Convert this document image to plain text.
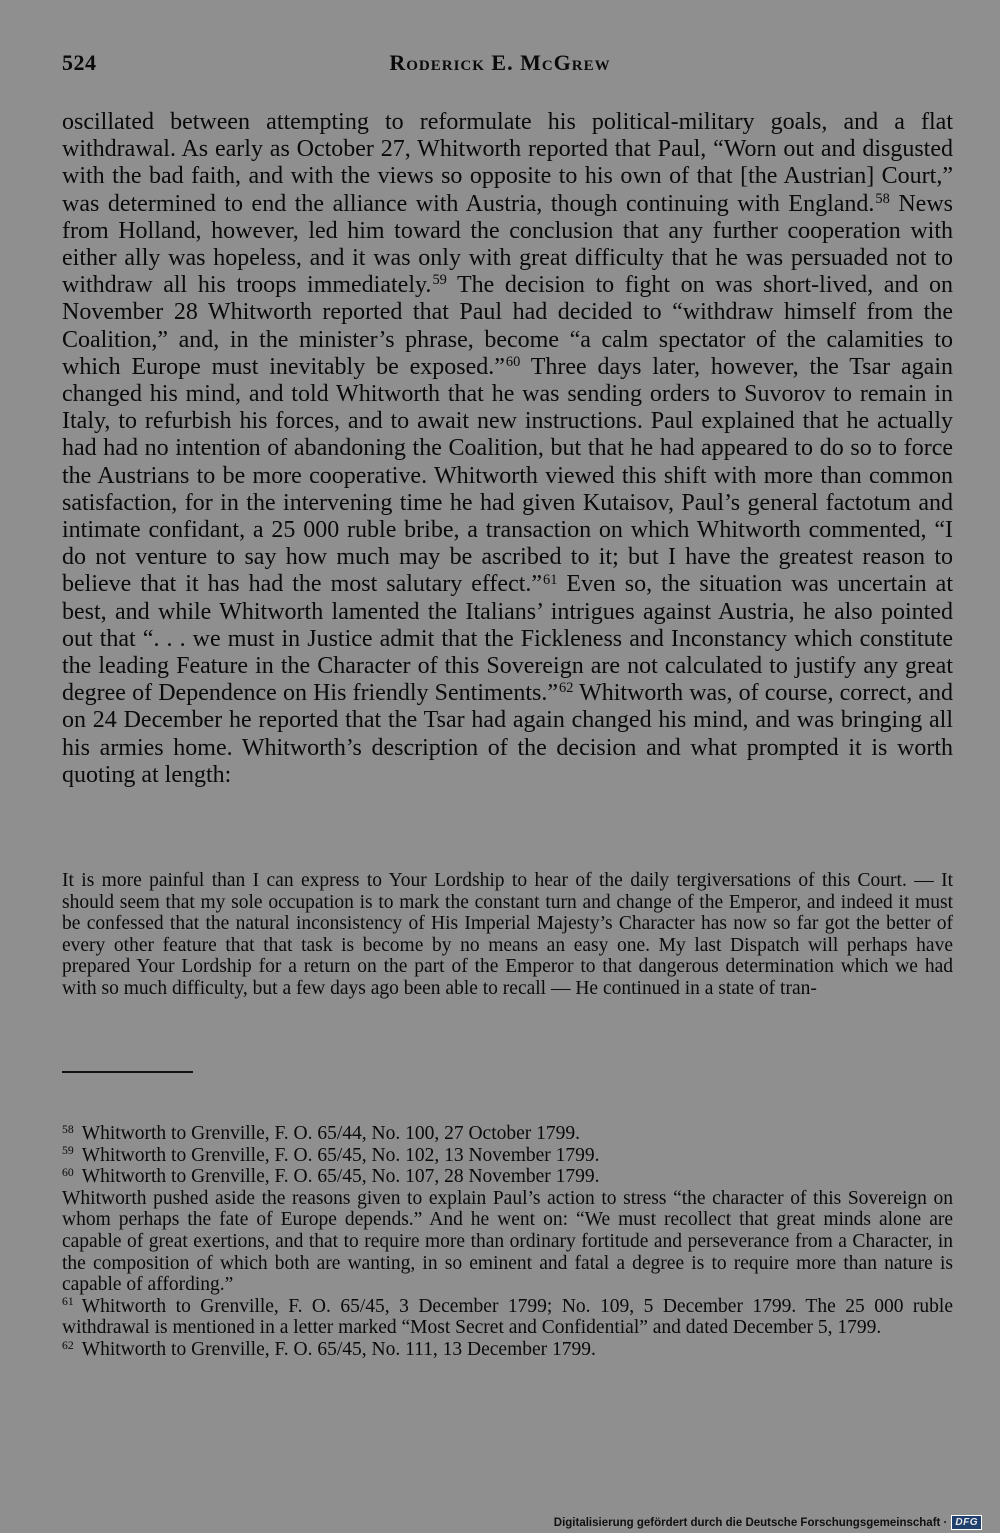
524	Roderick E. McGrew

oscillated between attempting to reformulate his political-military goals, and a flat withdrawal. As early as October 27, Whitworth reported that Paul, “Worn out and disgusted with the bad faith, and with the views so opposite to his own of that [the Austrian] Court,” was determined to end the alliance with Austria, though continuing with England.$^{58}$ News from Holland, however, led him toward the conclusion that any further cooperation with either ally was hopeless, and it was only with great difficulty that he was persuaded not to withdraw all his troops immediately.$^{59}$ The decision to fight on was short-lived, and on November 28 Whitworth reported that Paul had decided to “withdraw himself from the Coalition,” and, in the minister’s phrase, become “a calm spectator of the calamities to which Europe must inevitably be exposed.”$^{60}$ Three days later, however, the Tsar again changed his mind, and told Whitworth that he was sending orders to Suvorov to remain in Italy, to refurbish his forces, and to await new instructions. Paul explained that he actually had had no intention of abandoning the Coalition, but that he had appeared to do so to force the Austrians to be more cooperative. Whitworth viewed this shift with more than common satisfaction, for in the intervening time he had given Kutaisov, Paul’s general factotum and intimate confidant, a 25 000 ruble bribe, a transaction on which Whitworth commented, “I do not venture to say how much may be ascribed to it; but I have the greatest reason to believe that it has had the most salutary effect.”$^{61}$ Even so, the situation was uncertain at best, and while Whitworth lamented the Italians’ intrigues against Austria, he also pointed out that “. . . we must in Justice admit that the Fickleness and Inconstancy which constitute the leading Feature in the Character of this Sovereign are not calculated to justify any great degree of Dependence on His friendly Sentiments.”$^{62}$ Whitworth was, of course, correct, and on 24 December he reported that the Tsar had again changed his mind, and was bringing all his armies home. Whitworth’s description of the decision and what prompted it is worth quoting at length:

It is more painful than I can express to Your Lordship to hear of the daily tergiversations of this Court. — It should seem that my sole occupation is to mark the constant turn and change of the Emperor, and indeed it must be confessed that the natural inconsistency of His Imperial Majesty’s Character has now so far got the better of every other feature that that task is become by no means an easy one. My last Dispatch will perhaps have prepared Your Lordship for a return on the part of the Emperor to that dangerous determination which we had with so much difficulty, but a few days ago been able to recall — He continued in a state of tran-

$^{58}$ Whitworth to Grenville, F. O. 65/44, No. 100, 27 October 1799.

$^{59}$ Whitworth to Grenville, F. O. 65/45, No. 102, 13 November 1799.

$^{60}$ Whitworth to Grenville, F. O. 65/45, No. 107, 28 November 1799.

Whitworth pushed aside the reasons given to explain Paul’s action to stress “the character of this Sovereign on whom perhaps the fate of Europe depends.” And he went on: “We must recollect that great minds alone are capable of great exertions, and that to require more than ordinary fortitude and perseverance from a Character, in the composition of which both are wanting, in so eminent and fatal a degree is to require more than nature is capable of affording.”

$^{61}$ Whitworth to Grenville, F. O. 65/45, 3 December 1799; No. 109, 5 December 1799. The 25 000 ruble withdrawal is mentioned in a letter marked “Most Secret and Confidential” and dated December 5, 1799.

$^{62}$ Whitworth to Grenville, F. O. 65/45, No. 111, 13 December 1799.

Digitalisierung gefördert durch die Deutsche Forschungsgemeinschaft · DFG
